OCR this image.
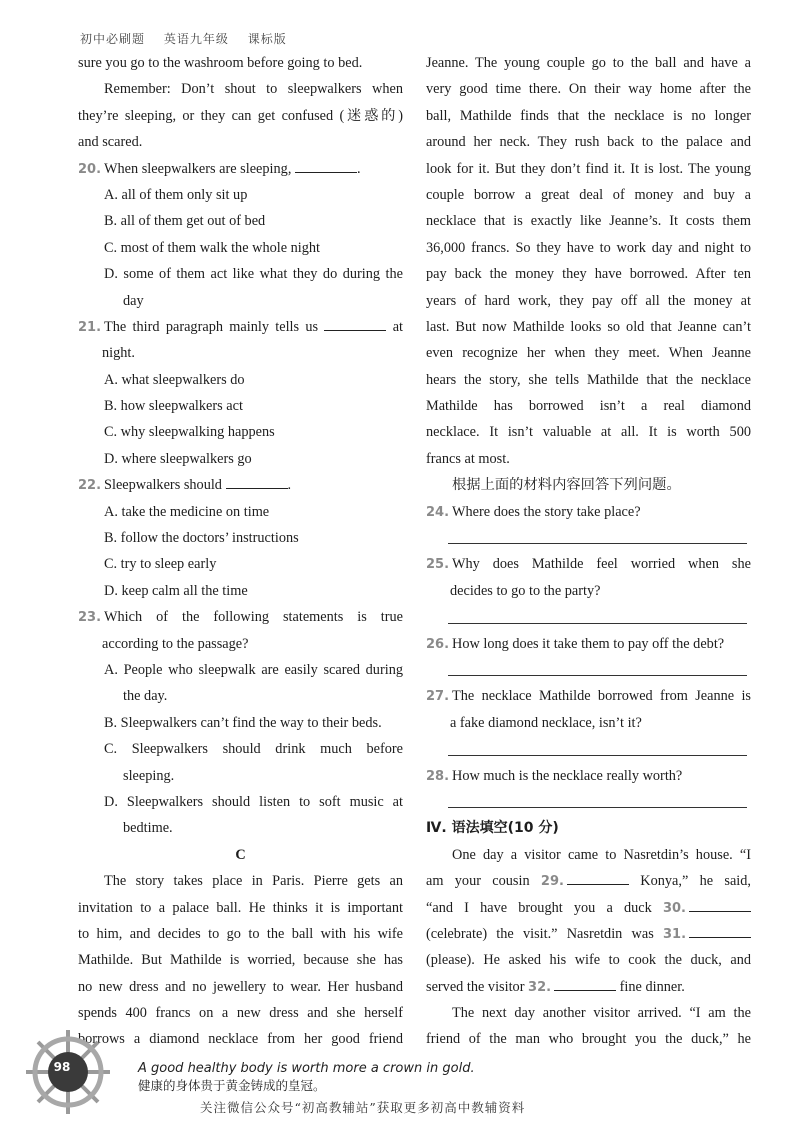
初中必刷题 英语九年级 课标版
sure you go to the washroom before going to bed.
Remember: Don’t shout to sleepwalkers when
they’re sleeping, or they can get confused (迷惑的)
and scared.
20. When sleepwalkers are sleeping,	.
A. all of them only sit up
B. all of them get out of bed
C. most of them walk the whole night
D. some of them act like what they do during the
day
21. The third paragraph mainly tells us	at
night.
A. what sleepwalkers do
B. how sleepwalkers act
C. why sleepwalking happens
D. where sleepwalkers go
22. Sleepwalkers should	.
A. take the medicine on time
B. follow the doctors’ instructions
C. try to sleep early
D. keep calm all the time
23. Which of the following statements is true
according to the passage?
A. People who sleepwalk are easily scared during
the day.
B. Sleepwalkers can’t find the way to their beds.
C. Sleepwalkers should drink much before
sleeping.
D. Sleepwalkers should listen to soft music at
bedtime.
C
The story takes place in Paris. Pierre gets an
invitation to a palace ball. He thinks it is important
to him, and decides to go to the ball with his wife
Mathilde. But Mathilde is worried, because she has
no new dress and no jewellery to wear. Her husband
spends 400 francs on a new dress and she herself
borrows a diamond necklace from her good friend
Jeanne. The young couple go to the ball and have a
very good time there. On their way home after the
ball, Mathilde finds that the necklace is no longer
around her neck. They rush back to the palace and
look for it. But they don’t find it. It is lost. The young
couple borrow a great deal of money and buy a
necklace that is exactly like Jeanne’s. It costs them
36,000 francs. So they have to work day and night to
pay back the money they have borrowed. After ten
years of hard work, they pay off all the money at
last. But now Mathilde looks so old that Jeanne can’t
even recognize her when they meet. When Jeanne
hears the story, she tells Mathilde that the necklace
Mathilde has borrowed isn’t a real diamond
necklace. It isn’t valuable at all. It is worth 500
francs at most.
根据上面的材料内容回答下列问题。
24. Where does the story take place?
25. Why does Mathilde feel worried when she
decides to go to the party?
26. How long does it take them to pay off the debt?
27. The necklace Mathilde borrowed from Jeanne is
a fake diamond necklace, isn’t it?
28. How much is the necklace really worth?
Ⅳ. 语法填空(10 分)
One day a visitor came to Nasretdin’s house. “I
am your cousin 29.	Konya,” he said,
“and I have brought you a duck 30.
(celebrate) the visit.” Nasretdin was 31.
(please). He asked his wife to cook the duck, and
served the visitor 32.	fine dinner.
The next day another visitor arrived. “I am the
friend of the man who brought you the duck,” he
98	A good healthy body is worth more a crown in gold.
健康的身体贵于黄金铸成的皇冠。
关注微信公众号“初高教辅站”获取更多初高中教辅资料
